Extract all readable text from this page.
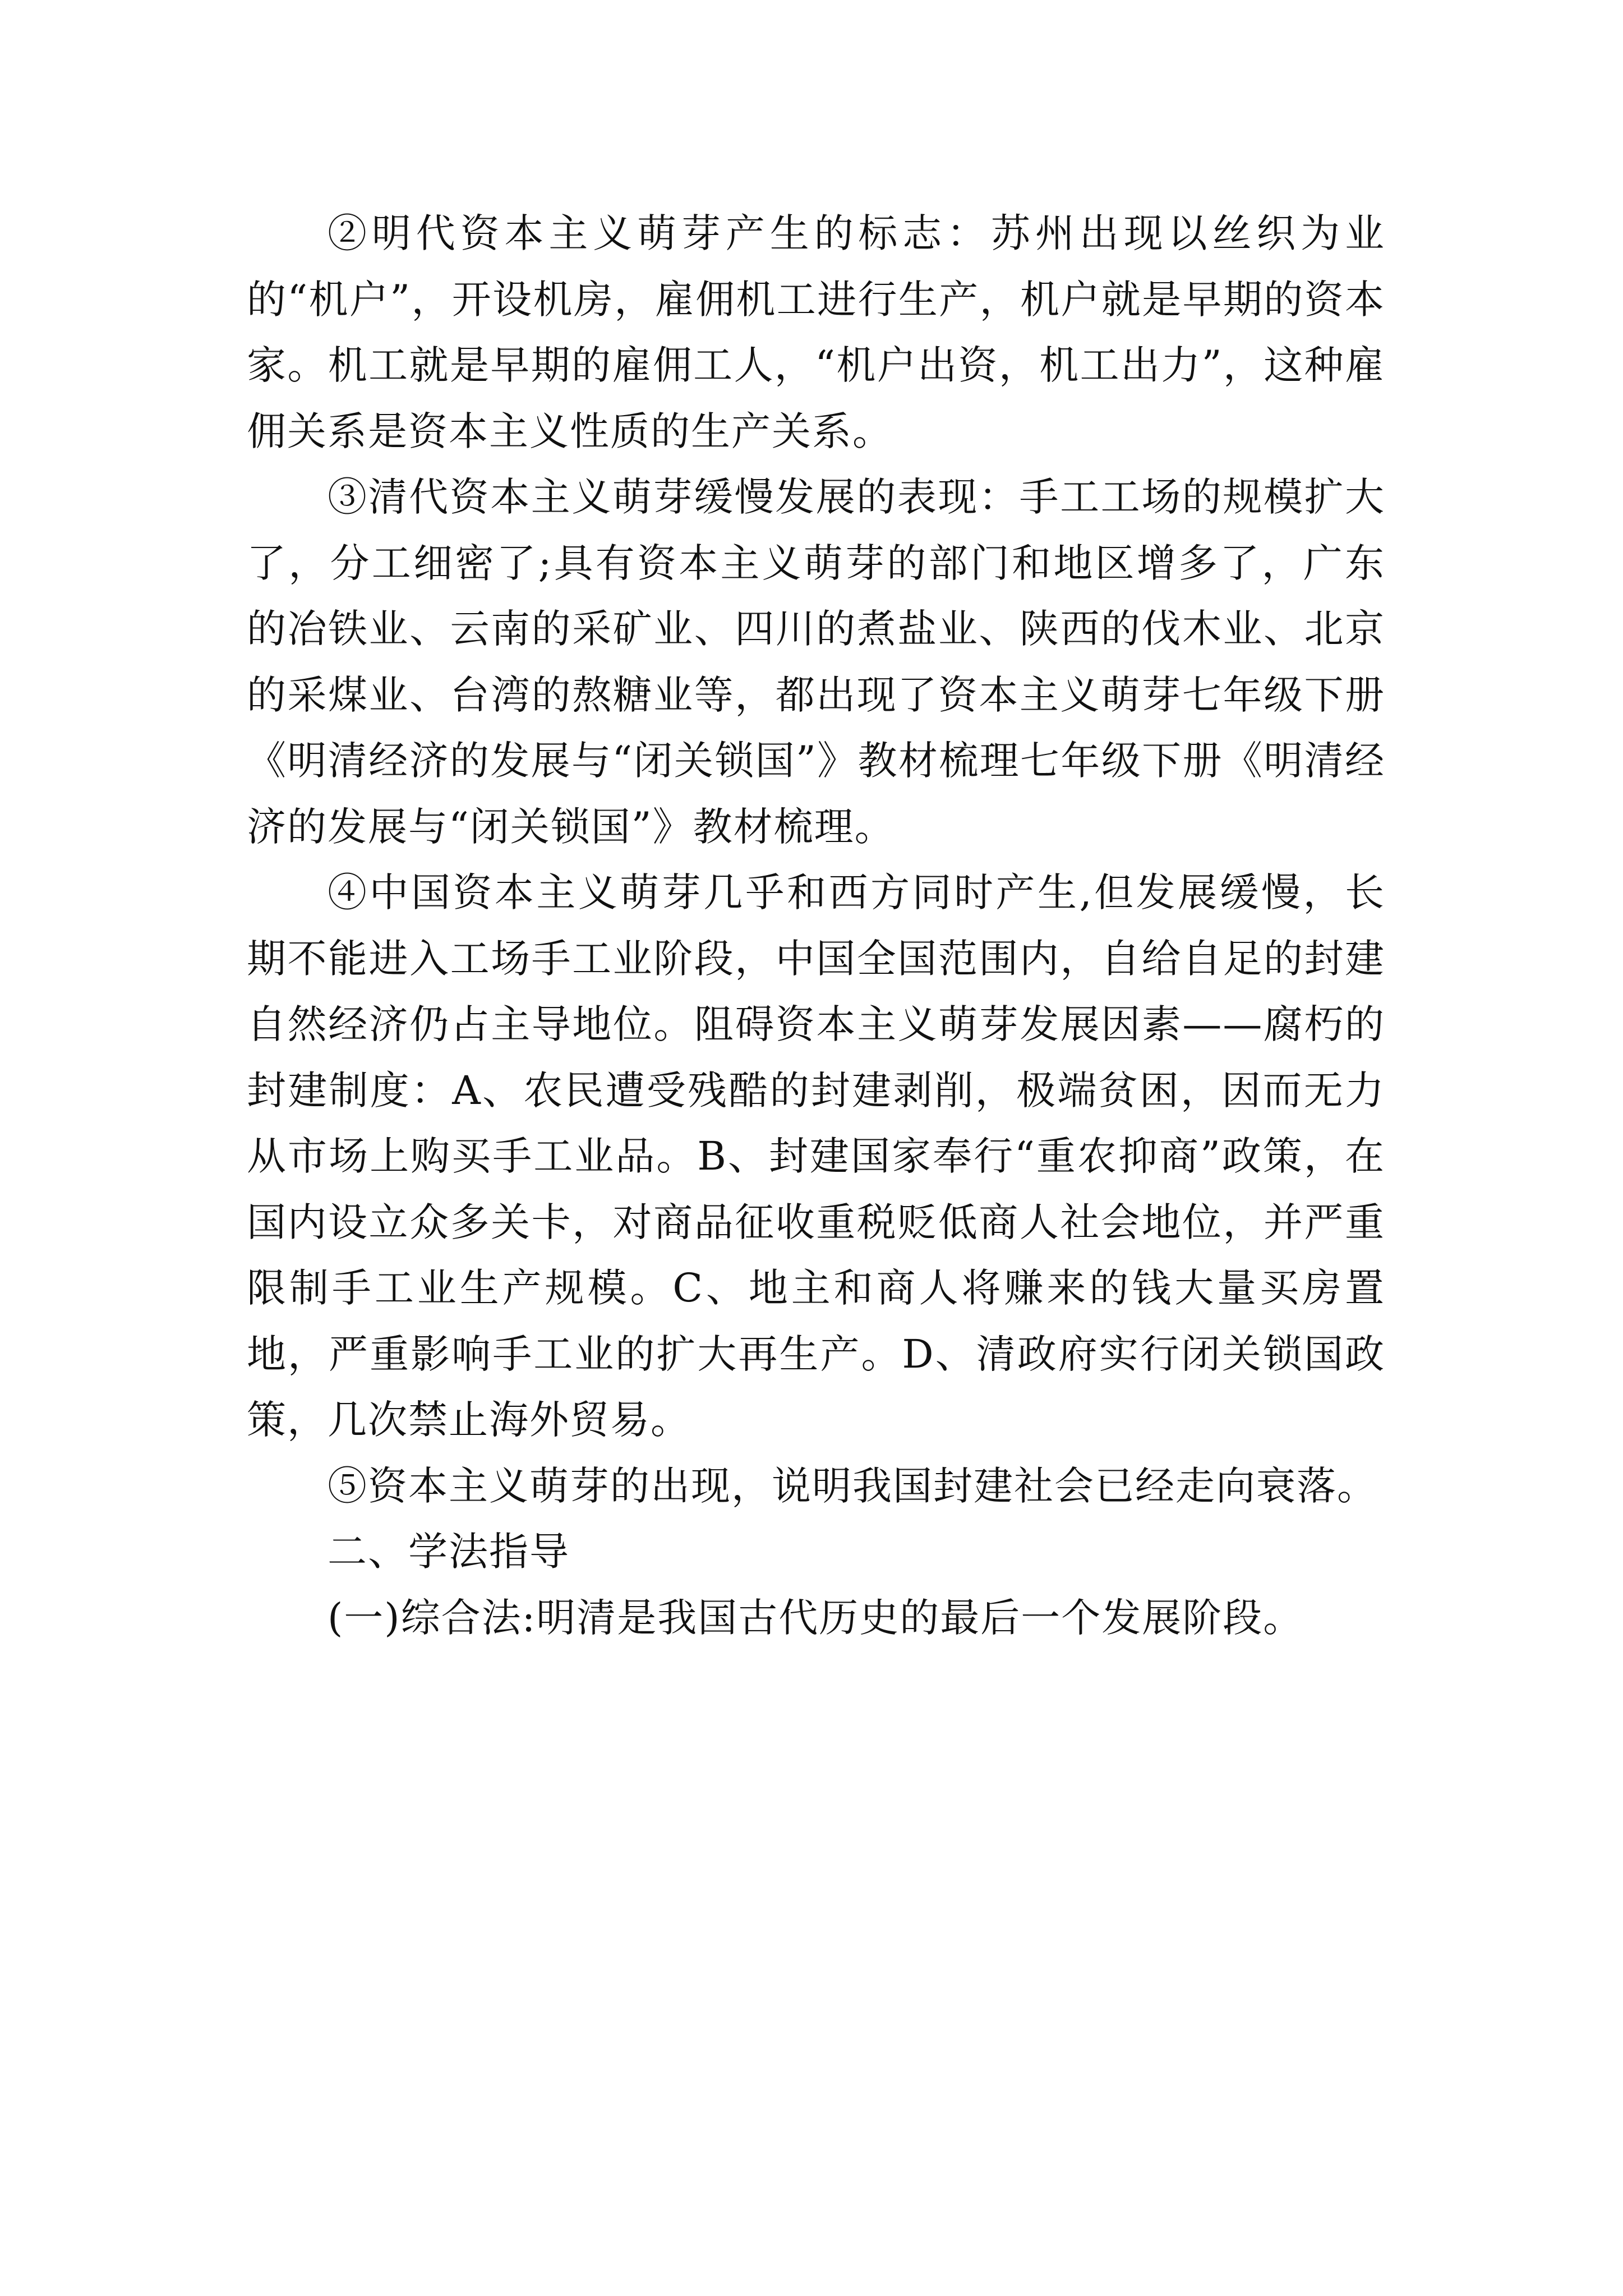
②明代资本主义萌芽产生的标志：苏州出现以丝织为业的“机户”，开设机房，雇佣机工进行生产，机户就是早期的资本家。机工就是早期的雇佣工人，“机户出资，机工出力”，这种雇佣关系是资本主义性质的生产关系。

③清代资本主义萌芽缓慢发展的表现：手工工场的规模扩大了，分工细密了;具有资本主义萌芽的部门和地区增多了，广东的冶铁业、云南的采矿业、四川的煮盐业、陕西的伐木业、北京的采煤业、台湾的熬糖业等，都出现了资本主义萌芽七年级下册《明清经济的发展与“闭关锁国”》教材梳理七年级下册《明清经济的发展与“闭关锁国”》教材梳理。

④中国资本主义萌芽几乎和西方同时产生,但发展缓慢，长期不能进入工场手工业阶段，中国全国范围内，自给自足的封建自然经济仍占主导地位。阻碍资本主义萌芽发展因素——腐朽的封建制度：A、农民遭受残酷的封建剥削，极端贫困，因而无力从市场上购买手工业品。B、封建国家奉行“重农抑商”政策，在国内设立众多关卡，对商品征收重税贬低商人社会地位，并严重限制手工业生产规模。C、地主和商人将赚来的钱大量买房置地，严重影响手工业的扩大再生产。D、清政府实行闭关锁国政策，几次禁止海外贸易。

⑤资本主义萌芽的出现，说明我国封建社会已经走向衰落。

二、学法指导

(一)综合法:明清是我国古代历史的最后一个发展阶段。
